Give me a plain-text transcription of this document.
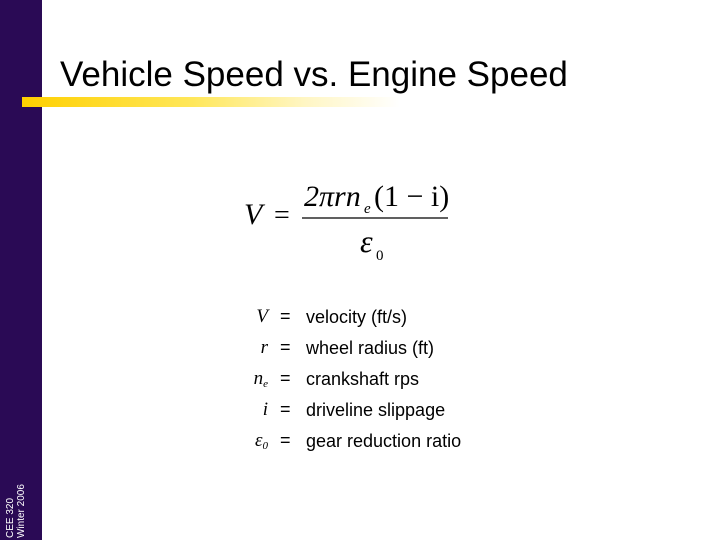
CEE 320
Winter 2006
Vehicle Speed vs. Engine Speed
V =
2πrn e (1 − i)
ε 0
V = velocity (ft/s)
r = wheel radius (ft)
$n_e$ = crankshaft rps
i = driveline slippage
$\varepsilon_0$ = gear reduction ratio
